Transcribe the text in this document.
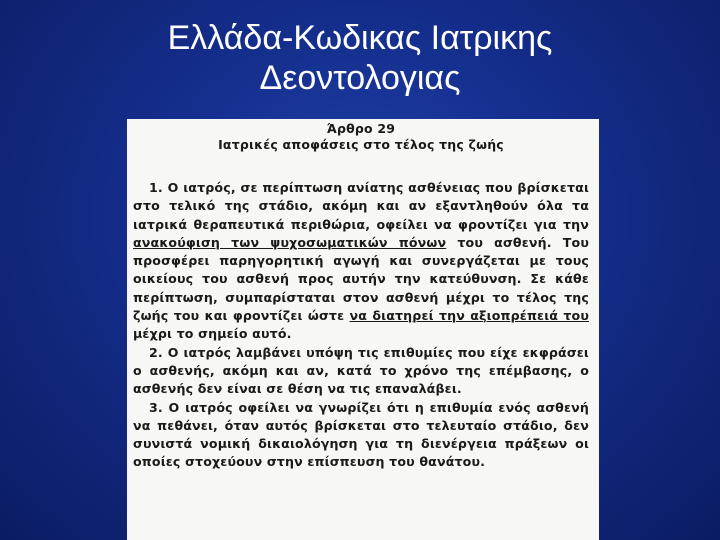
Ελλάδα-Κωδικας Ιατρικης
Δεοντολογιας

Άρθρο 29

Ιατρικές αποφάσεις στο τέλος της ζωής

1. Ο ιατρός, σε περίπτωση ανίατης ασθένειας που βρίσκεται στο τελικό της στάδιο, ακόμη και αν εξαντληθούν όλα τα ιατρικά θεραπευτικά περιθώρια, οφείλει να φροντίζει για την ανακούφιση των ψυχοσωματικών πόνων του ασθενή. Του προσφέρει παρηγορητική αγωγή και συνεργάζεται με τους οικείους του ασθενή προς αυτήν την κατεύθυνση. Σε κάθε περίπτωση, συμπαρίσταται στον ασθενή μέχρι το τέλος της ζωής του και φροντίζει ώστε να διατηρεί την αξιοπρέπειά του μέχρι το σημείο αυτό.

2. Ο ιατρός λαμβάνει υπόψη τις επιθυμίες που είχε εκφράσει ο ασθενής, ακόμη και αν, κατά το χρόνο της επέμβασης, ο ασθενής δεν είναι σε θέση να τις επαναλάβει.

3. Ο ιατρός οφείλει να γνωρίζει ότι η επιθυμία ενός ασθενή να πεθάνει, όταν αυτός βρίσκεται στο τελευταίο στάδιο, δεν συνιστά νομική δικαιολόγηση για τη διενέργεια πράξεων οι οποίες στοχεύουν στην επίσπευση του θανάτου.
